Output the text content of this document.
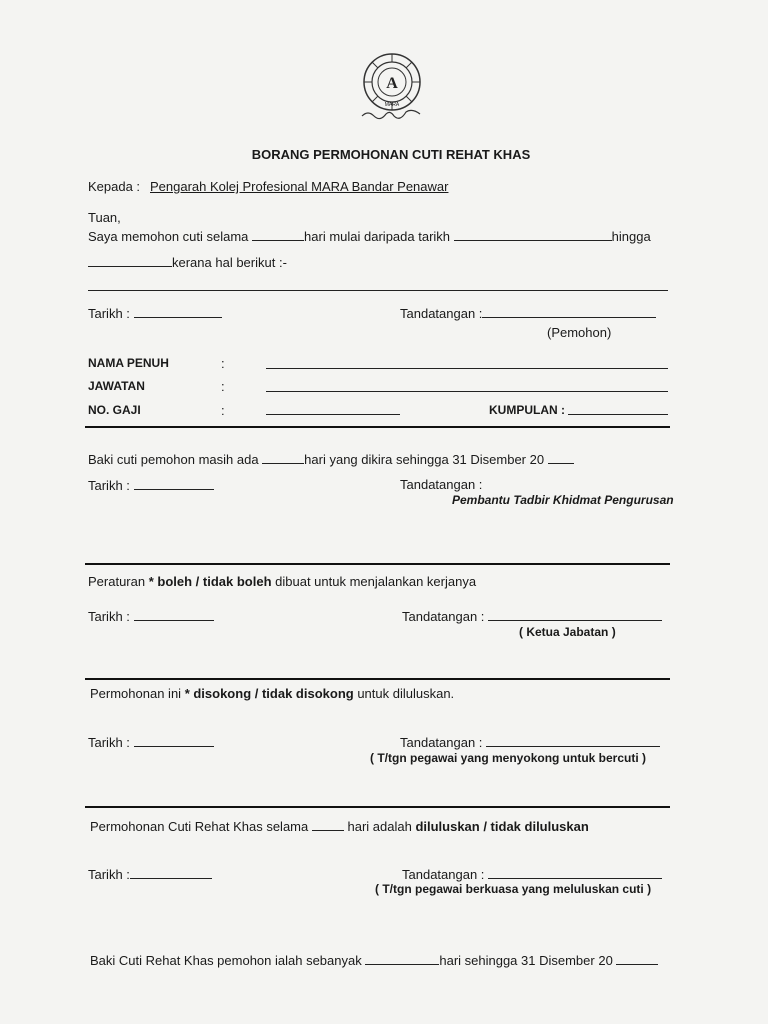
A
MARA
BORANG PERMOHONAN CUTI REHAT KHAS
Kepada : Pengarah Kolej Profesional MARA Bandar Penawar
Tuan,
Saya memohon cuti selama	hari mulai daripada tarikh	hingga
kerana hal berikut :-
Tarikh :	Tandatangan :
(Pemohon)
NAMA PENUH	:
JAWATAN	:
NO. GAJI	:	KUMPULAN :
Baki cuti pemohon masih ada	hari yang dikira sehingga 31 Disember 20
Tarikh :	Tandatangan :
Pembantu Tadbir Khidmat Pengurusan
Peraturan * boleh / tidak boleh dibuat untuk menjalankan kerjanya
Tarikh :	Tandatangan :
( Ketua Jabatan )
Permohonan ini * disokong / tidak disokong untuk diluluskan.
Tarikh :	Tandatangan :
( T/tgn pegawai yang menyokong untuk bercuti )
Permohonan Cuti Rehat Khas selama	hari adalah diluluskan / tidak diluluskan
Tarikh :	Tandatangan :
( T/tgn pegawai berkuasa yang meluluskan cuti )
Baki Cuti Rehat Khas pemohon ialah sebanyak	hari sehingga 31 Disember 20
